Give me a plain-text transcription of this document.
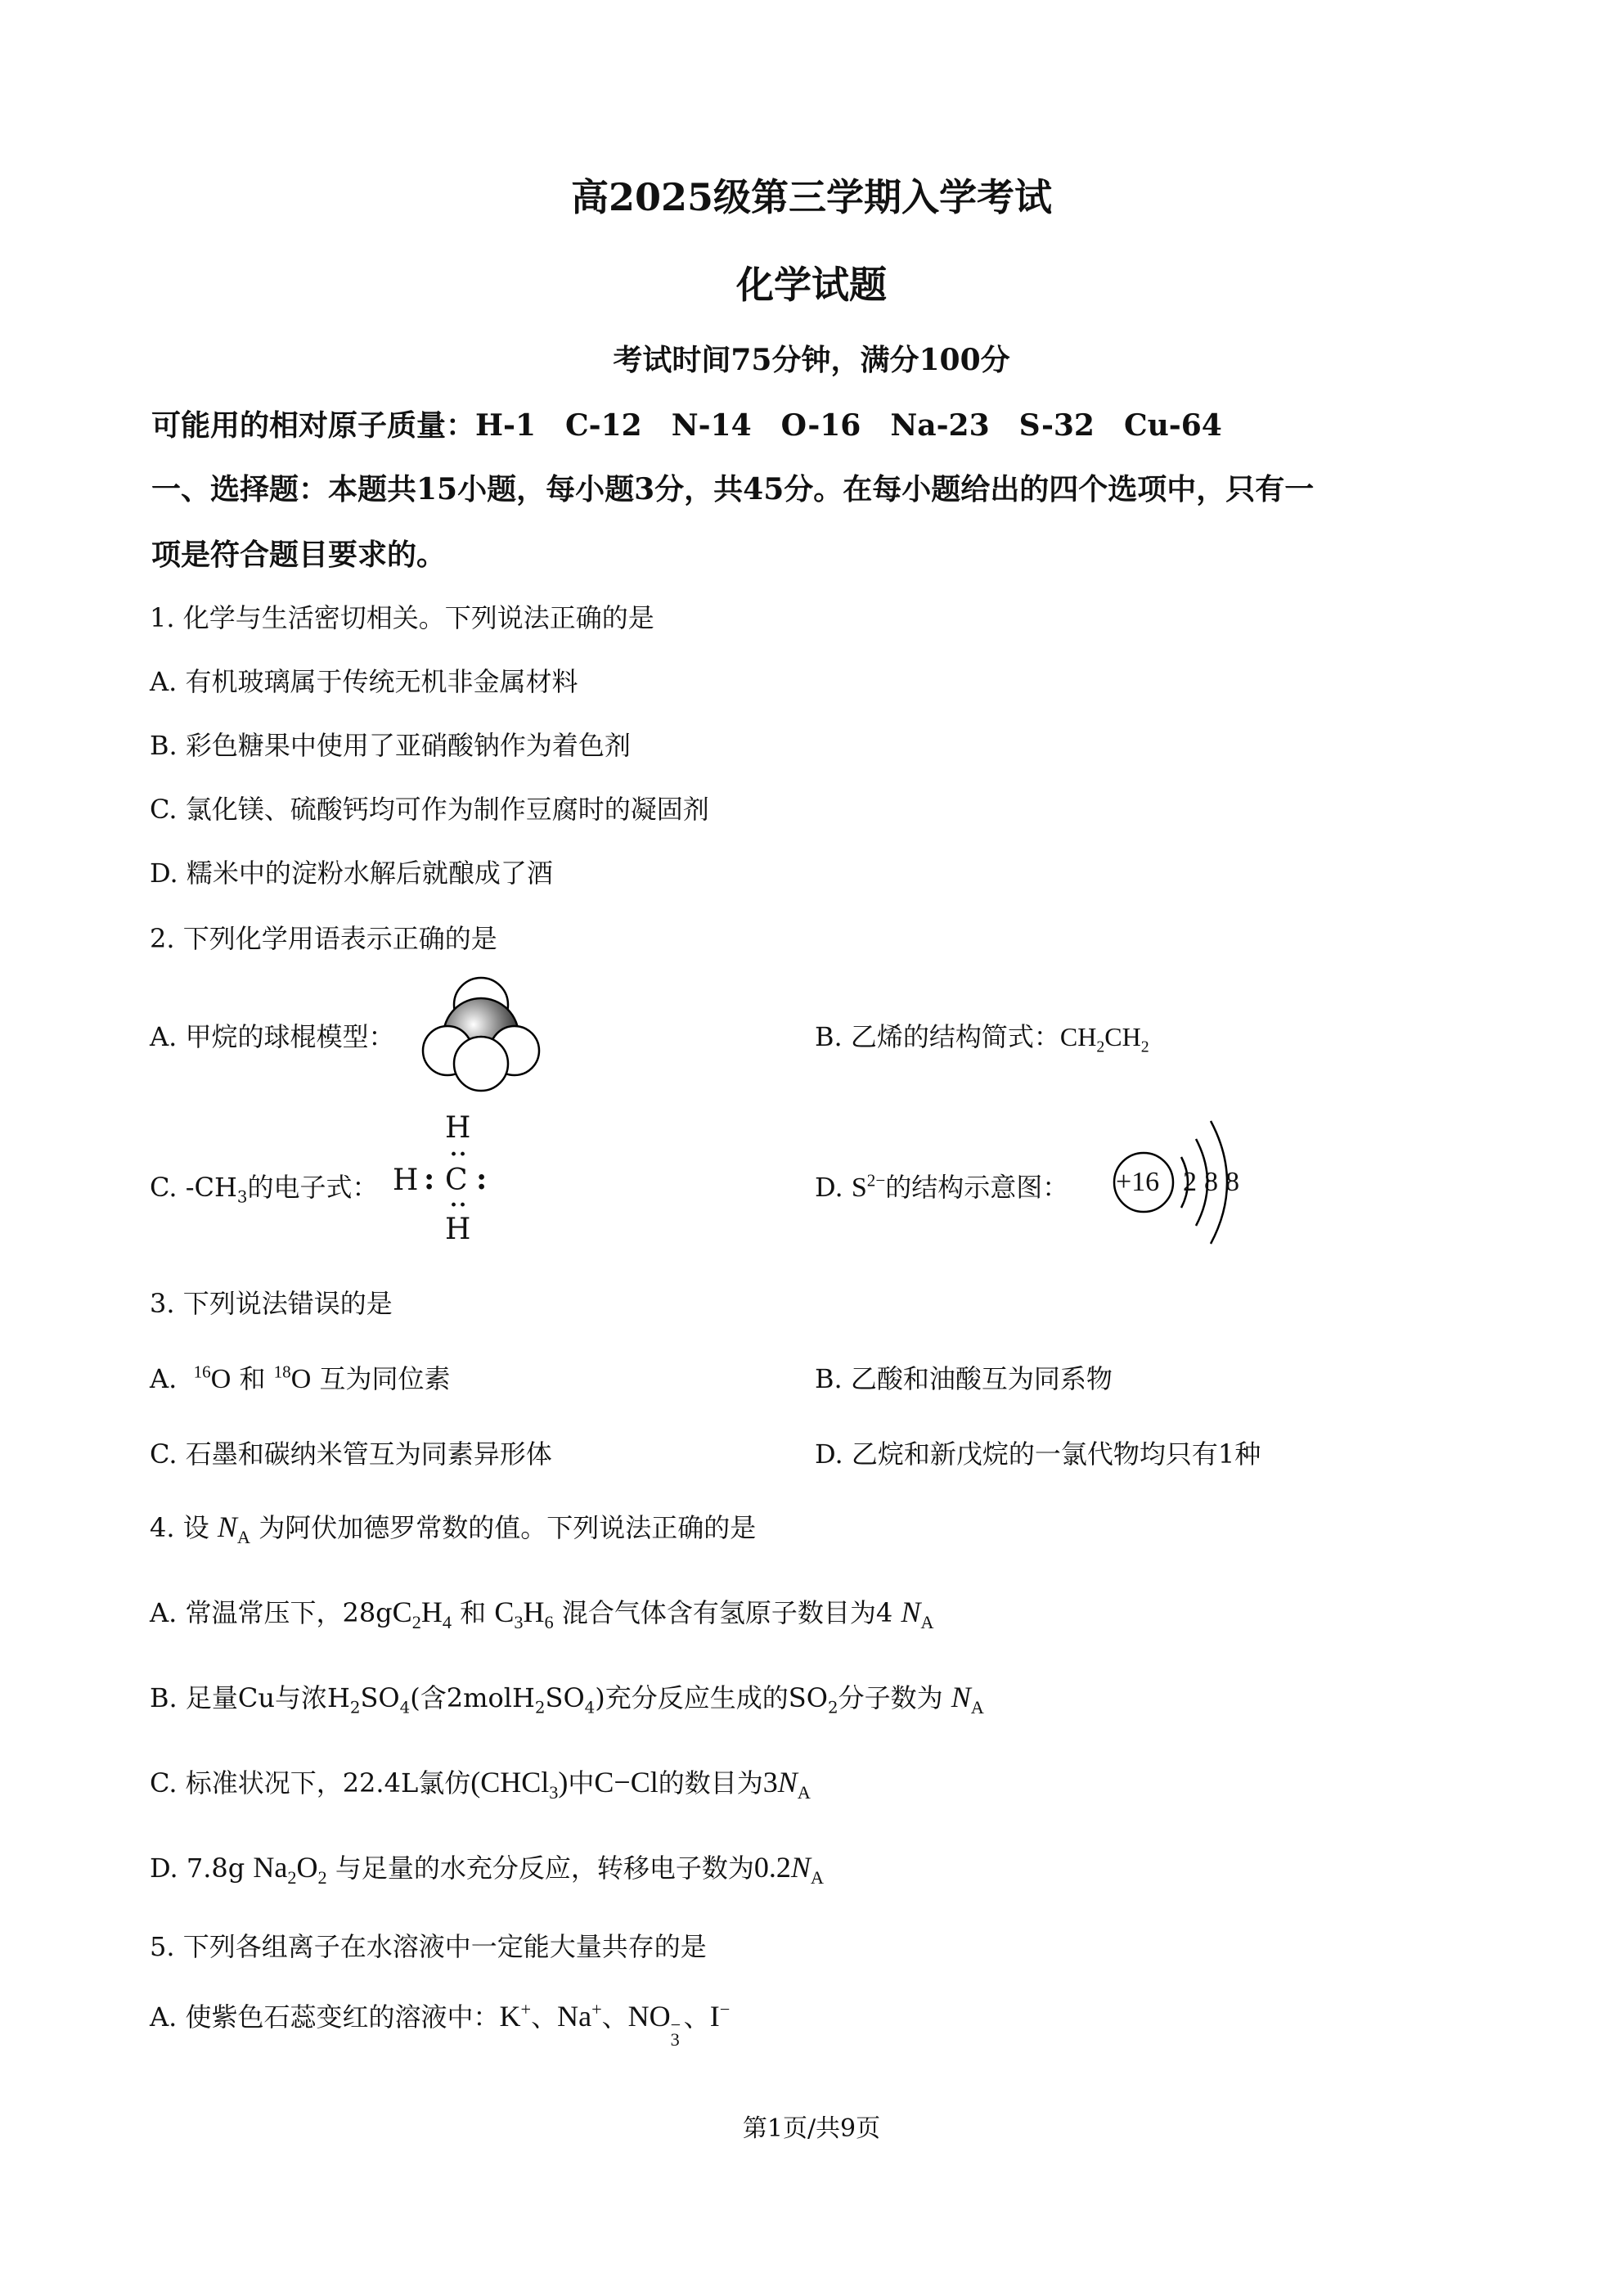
高2025级第三学期入学考试
化学试题
考试时间75分钟，满分100分
可能用的相对原子质量：H-1　C-12　N-14　O-16　Na-23　S-32　Cu-64
一、选择题：本题共15小题，每小题3分，共45分。在每小题给出的四个选项中，只有一
项是符合题目要求的。
1. 化学与生活密切相关。下列说法正确的是
A. 有机玻璃属于传统无机非金属材料
B. 彩色糖果中使用了亚硝酸钠作为着色剂
C. 氯化镁、硫酸钙均可作为制作豆腐时的凝固剂
D. 糯米中的淀粉水解后就酿成了酒
2. 下列化学用语表示正确的是
A. 甲烷的球棍模型：	B. 乙烯的结构简式：$CH_2CH_2$
C. $-CH_3$的电子式：
H
··
H : C :
··
H
D. $S^{2-}$的结构示意图： +16 2 8 8
3. 下列说法错误的是
A. $^{16}$O 和 $^{18}$O 互为同位素	B. 乙酸和油酸互为同系物
C. 石墨和碳纳米管互为同素异形体	D. 乙烷和新戊烷的一氯代物均只有1种
4. 设 $N_A$ 为阿伏加德罗常数的值。下列说法正确的是
A. 常温常压下，$28gC_2H_4$ 和 $C_3H_6$ 混合气体含有氢原子数目为4 $N_A$
B. 足量Cu与浓$H_2SO_4$(含$2molH_2SO_4$)充分反应生成的$SO_2$分子数为 $N_A$
C. 标准状况下，22.4L氯仿(CHCl$_3$)中C−Cl的数目为$3N_A$
D. 7.8g $Na_2O_2$ 与足量的水充分反应，转移电子数为$0.2N_A$
5. 下列各组离子在水溶液中一定能大量共存的是
A. 使紫色石蕊变红的溶液中：K+、Na+、NO −
3
、I−
第1页/共9页
